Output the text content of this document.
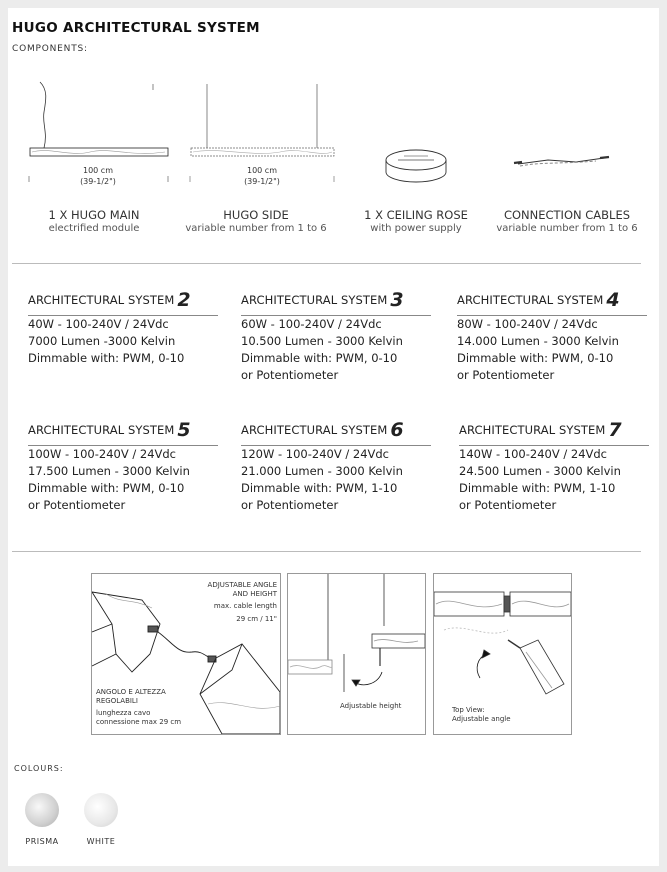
HUGO ARCHITECTURAL SYSTEM
COMPONENTS:
100 cm
(39-1/2")
100 cm
(39-1/2")
1 X HUGO MAIN
electrified module
HUGO SIDE
variable number from 1 to 6
1 X CEILING ROSE
with power supply
CONNECTION CABLES
variable number from 1 to 6
ARCHITECTURAL SYSTEM 2
40W - 100-240V / 24Vdc
7000 Lumen -3000 Kelvin
Dimmable with: PWM, 0-10
ARCHITECTURAL SYSTEM 3
60W - 100-240V / 24Vdc
10.500 Lumen - 3000 Kelvin
Dimmable with: PWM, 0-10
or Potentiometer
ARCHITECTURAL SYSTEM 4
80W - 100-240V / 24Vdc
14.000 Lumen - 3000 Kelvin
Dimmable with: PWM, 0-10
or Potentiometer
ARCHITECTURAL SYSTEM 5
100W - 100-240V / 24Vdc
17.500 Lumen - 3000 Kelvin
Dimmable with: PWM, 0-10
or Potentiometer
ARCHITECTURAL SYSTEM 6
120W - 100-240V / 24Vdc
21.000 Lumen - 3000 Kelvin
Dimmable with: PWM, 1-10
or Potentiometer
ARCHITECTURAL SYSTEM 7
140W - 100-240V / 24Vdc
24.500 Lumen - 3000 Kelvin
Dimmable with: PWM, 1-10
or Potentiometer
ADJUSTABLE ANGLE AND HEIGHT
max. cable length
29 cm / 11"
ANGOLO E ALTEZZA REGOLABILI
lunghezza cavo connessione max 29 cm
Adjustable height	Top View:
Adjustable angle
COLOURS:
PRISMA	WHITE
